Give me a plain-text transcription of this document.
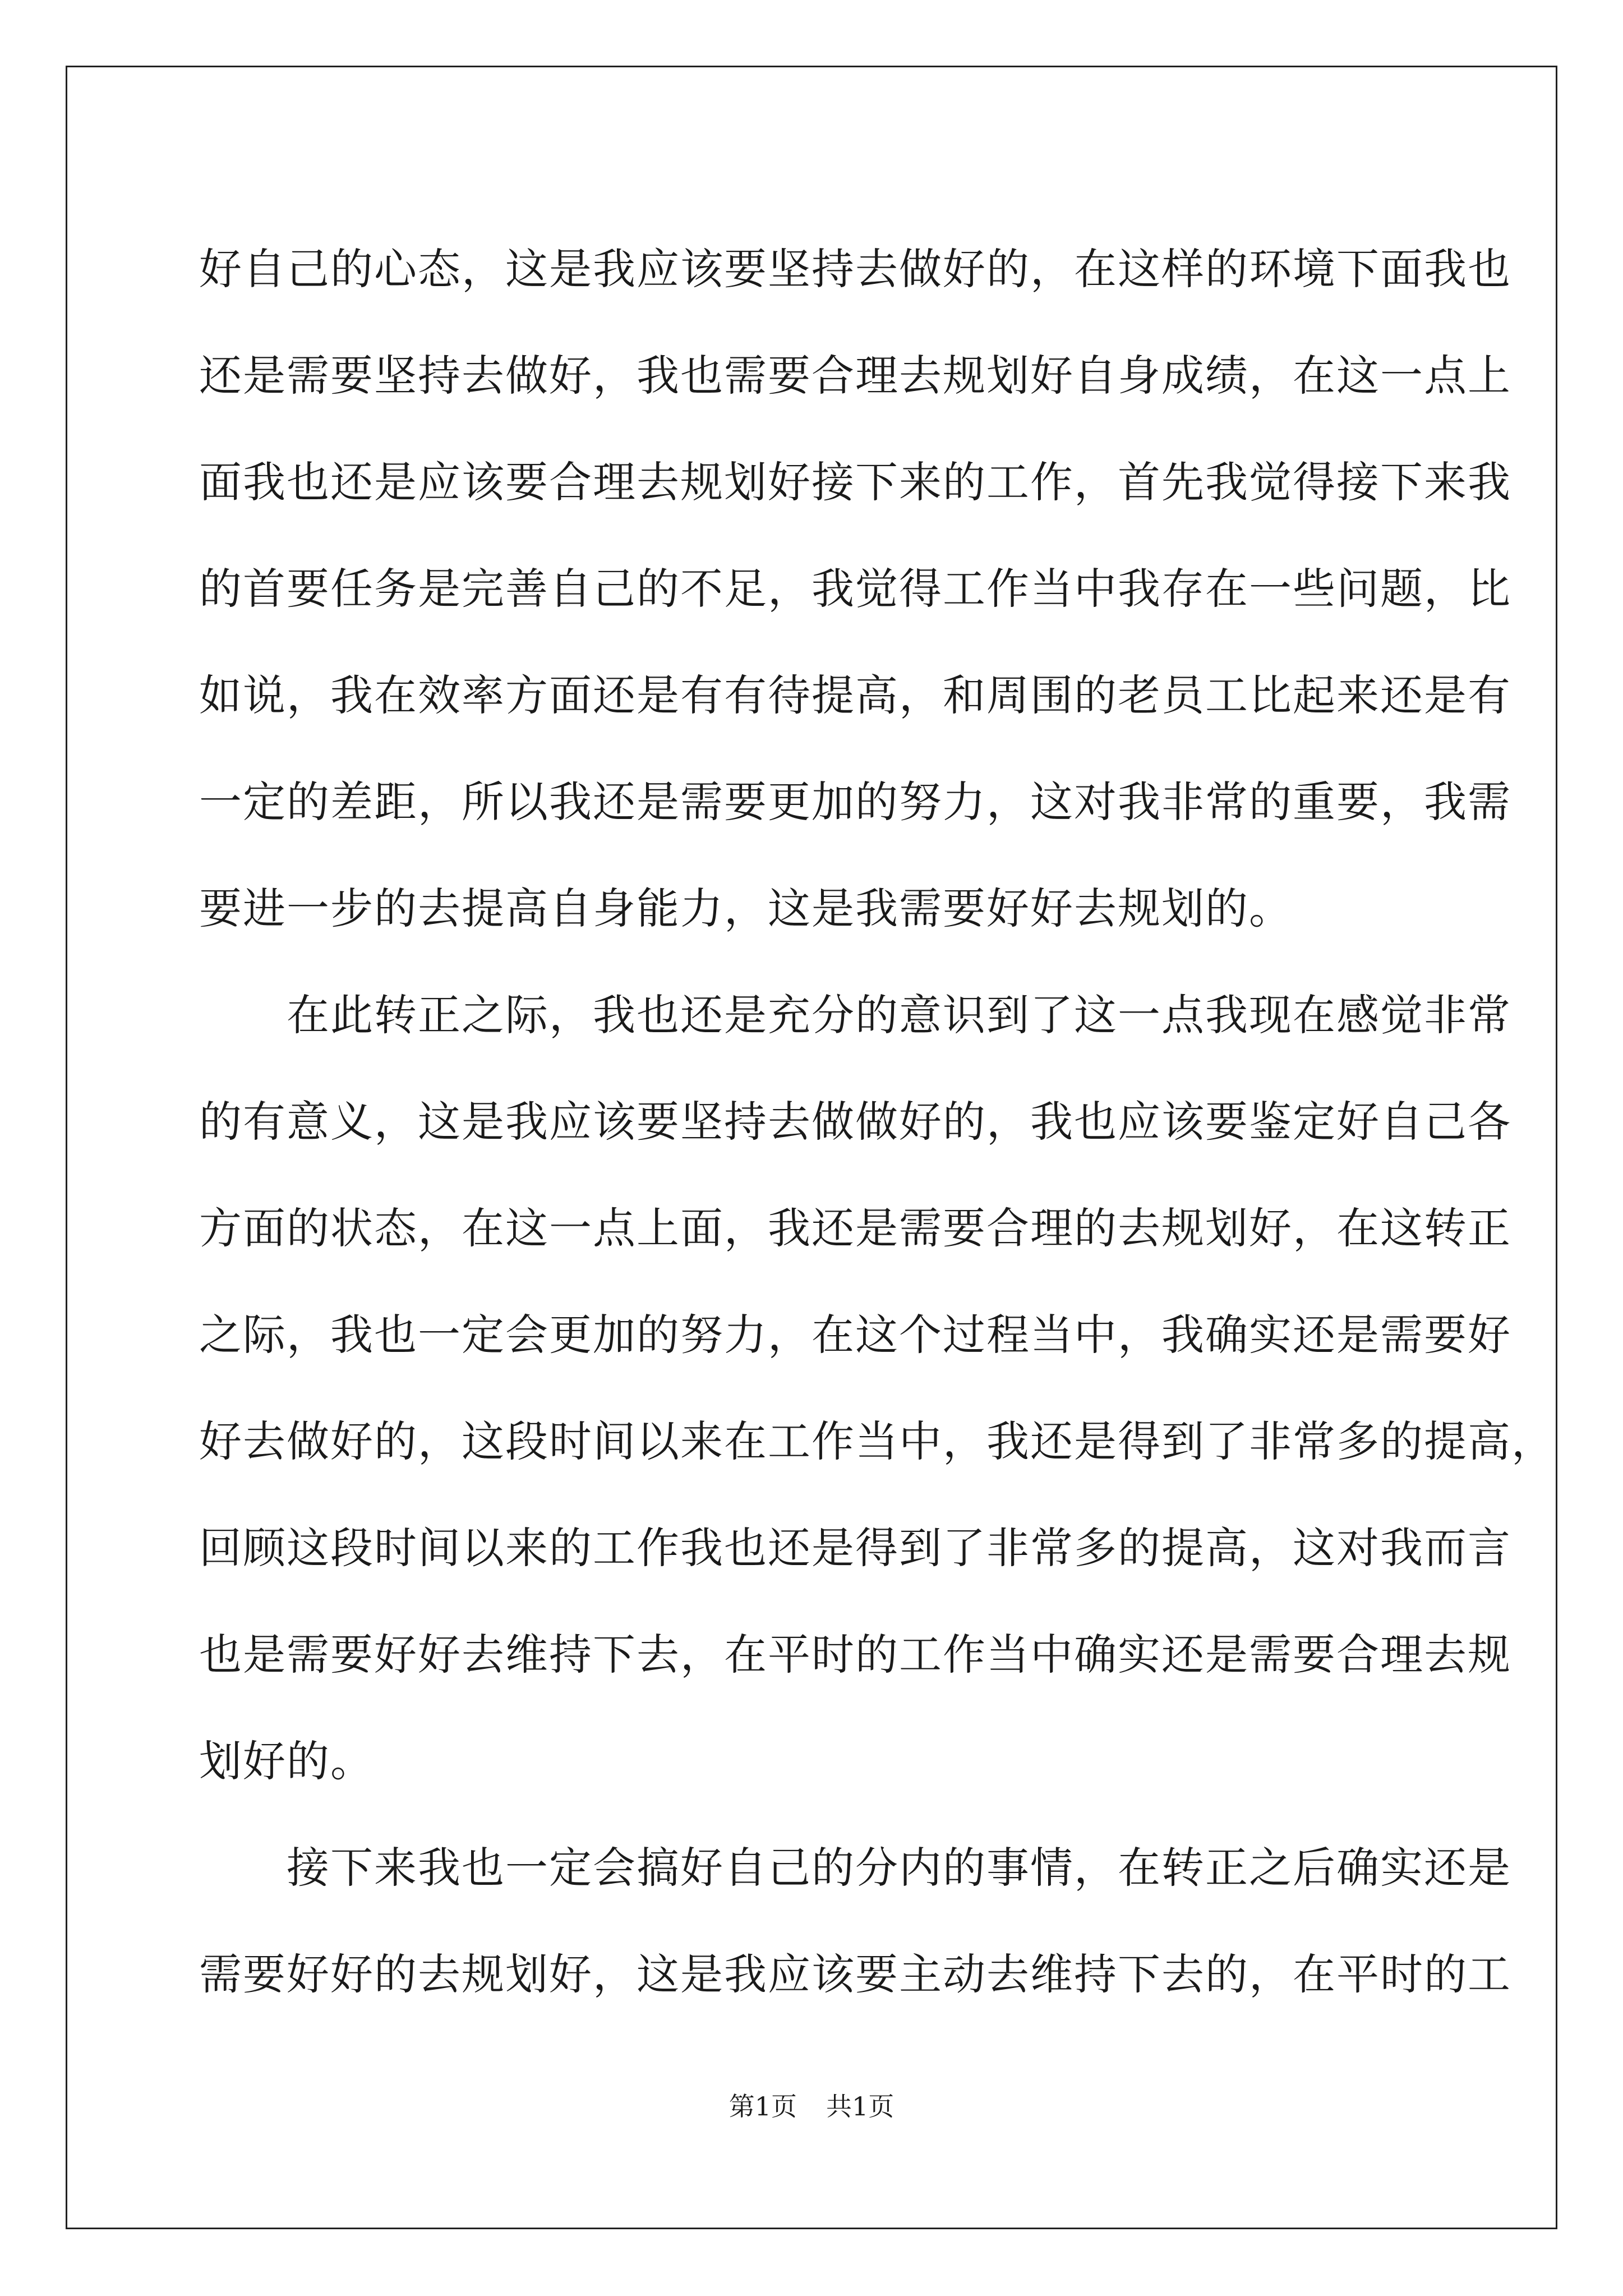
好自己的心态，这是我应该要坚持去做好的，在这样的环境下面我也
还是需要坚持去做好，我也需要合理去规划好自身成绩，在这一点上
面我也还是应该要合理去规划好接下来的工作，首先我觉得接下来我
的首要任务是完善自己的不足，我觉得工作当中我存在一些问题，比
如说，我在效率方面还是有有待提高，和周围的老员工比起来还是有
一定的差距，所以我还是需要更加的努力，这对我非常的重要，我需
要进一步的去提高自身能力，这是我需要好好去规划的。
　　在此转正之际，我也还是充分的意识到了这一点我现在感觉非常
的有意义，这是我应该要坚持去做做好的，我也应该要鉴定好自己各
方面的状态，在这一点上面，我还是需要合理的去规划好，在这转正
之际，我也一定会更加的努力，在这个过程当中，我确实还是需要好
好去做好的，这段时间以来在工作当中，我还是得到了非常多的提高，
回顾这段时间以来的工作我也还是得到了非常多的提高，这对我而言
也是需要好好去维持下去，在平时的工作当中确实还是需要合理去规
划好的。
　　接下来我也一定会搞好自己的分内的事情，在转正之后确实还是
需要好好的去规划好，这是我应该要主动去维持下去的，在平时的工
第1页 共1页
